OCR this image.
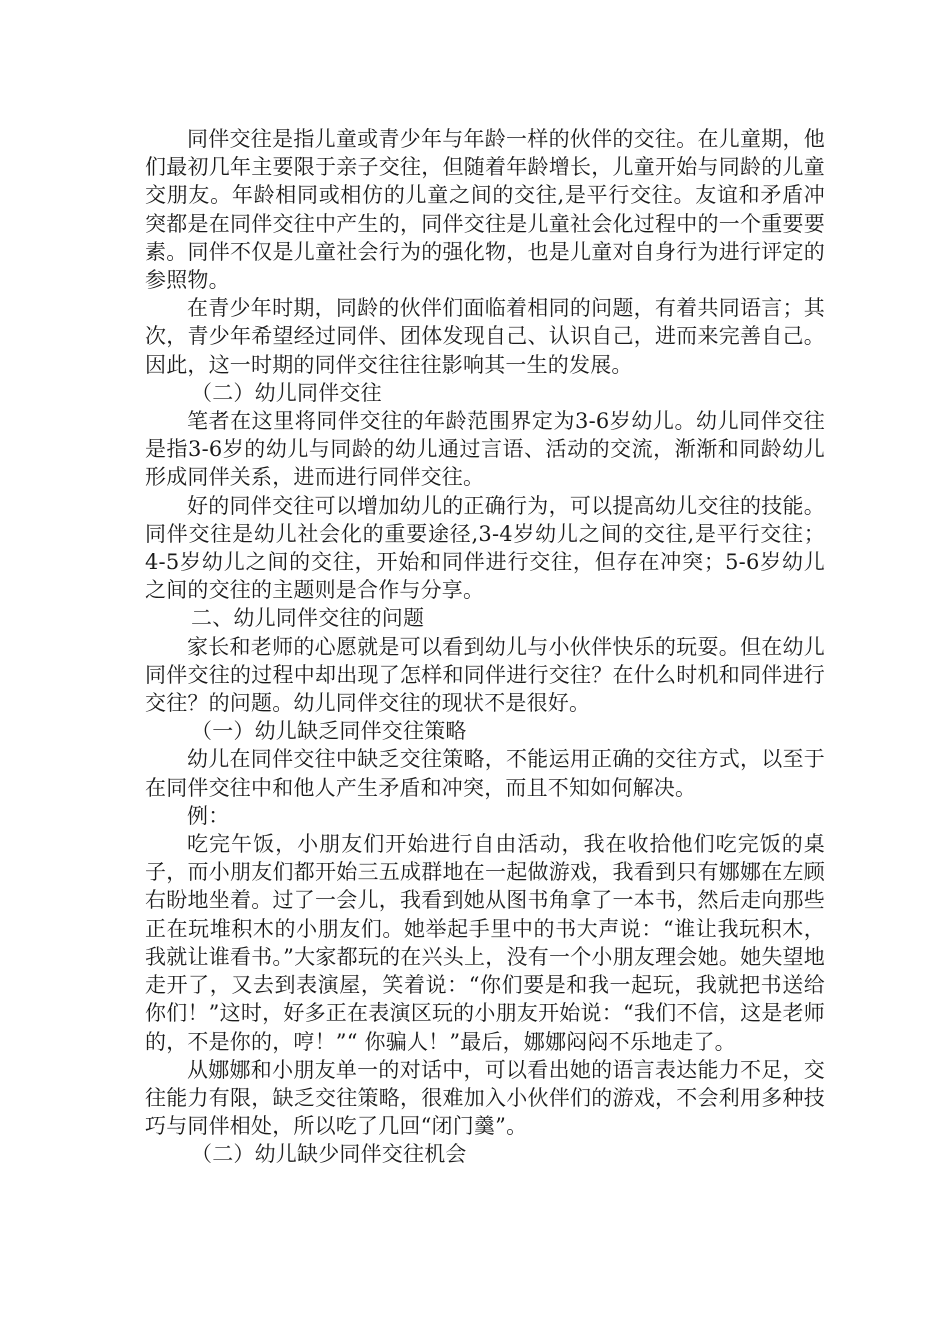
同伴交往是指儿童或青少年与年龄一样的伙伴的交往。在儿童期，他们最初几年主要限于亲子交往，但随着年龄增长，儿童开始与同龄的儿童交朋友。年龄相同或相仿的儿童之间的交往,是平行交往。友谊和矛盾冲突都是在同伴交往中产生的，同伴交往是儿童社会化过程中的一个重要要素。同伴不仅是儿童社会行为的强化物，也是儿童对自身行为进行评定的参照物。

在青少年时期，同龄的伙伴们面临着相同的问题，有着共同语言；其次，青少年希望经过同伴、团体发现自己、认识自己，进而来完善自己。因此，这一时期的同伴交往往往影响其一生的发展。

（二）幼儿同伴交往

笔者在这里将同伴交往的年龄范围界定为3-6岁幼儿。幼儿同伴交往是指3-6岁的幼儿与同龄的幼儿通过言语、活动的交流，渐渐和同龄幼儿形成同伴关系，进而进行同伴交往。

好的同伴交往可以增加幼儿的正确行为，可以提高幼儿交往的技能。同伴交往是幼儿社会化的重要途径,3-4岁幼儿之间的交往,是平行交往；4-5岁幼儿之间的交往，开始和同伴进行交往，但存在冲突；5-6岁幼儿之间的交往的主题则是合作与分享。

二、幼儿同伴交往的问题

家长和老师的心愿就是可以看到幼儿与小伙伴快乐的玩耍。但在幼儿同伴交往的过程中却出现了怎样和同伴进行交往？在什么时机和同伴进行交往？的问题。幼儿同伴交往的现状不是很好。

（一）幼儿缺乏同伴交往策略

幼儿在同伴交往中缺乏交往策略，不能运用正确的交往方式，以至于在同伴交往中和他人产生矛盾和冲突，而且不知如何解决。

例：

吃完午饭，小朋友们开始进行自由活动，我在收拾他们吃完饭的桌子，而小朋友们都开始三五成群地在一起做游戏，我看到只有娜娜在左顾右盼地坐着。过了一会儿，我看到她从图书角拿了一本书，然后走向那些正在玩堆积木的小朋友们。她举起手里中的书大声说：“谁让我玩积木，我就让谁看书。”大家都玩的在兴头上，没有一个小朋友理会她。她失望地走开了，又去到表演屋，笑着说：“你们要是和我一起玩，我就把书送给你们！”这时，好多正在表演区玩的小朋友开始说：“我们不信，这是老师的，不是你的，哼！”“ 你骗人！”最后，娜娜闷闷不乐地走了。

从娜娜和小朋友单一的对话中，可以看出她的语言表达能力不足，交往能力有限，缺乏交往策略，很难加入小伙伴们的游戏，不会利用多种技巧与同伴相处，所以吃了几回“闭门羹”。

（二）幼儿缺少同伴交往机会
